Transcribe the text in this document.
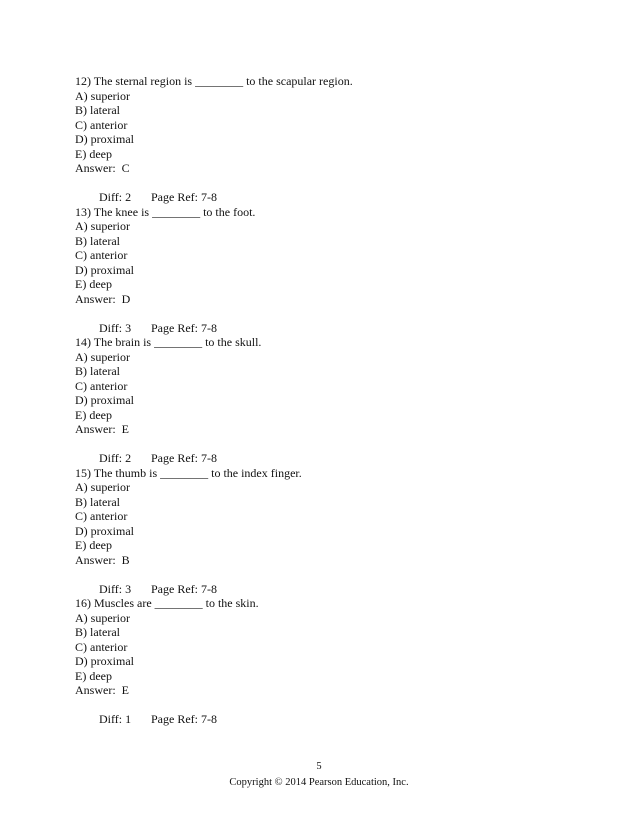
12) The sternal region is ________ to the scapular region.
A) superior
B) lateral
C) anterior
D) proximal
E) deep
Answer:  C

Diff: 2 Page Ref: 7-8

13) The knee is ________ to the foot.
A) superior
B) lateral
C) anterior
D) proximal
E) deep
Answer:  D

Diff: 3 Page Ref: 7-8

14) The brain is ________ to the skull.
A) superior
B) lateral
C) anterior
D) proximal
E) deep
Answer:  E

Diff: 2 Page Ref: 7-8

15) The thumb is ________ to the index finger.
A) superior
B) lateral
C) anterior
D) proximal
E) deep
Answer:  B

Diff: 3 Page Ref: 7-8

16) Muscles are ________ to the skin.
A) superior
B) lateral
C) anterior
D) proximal
E) deep
Answer:  E

Diff: 1 Page Ref: 7-8

5
Copyright © 2014 Pearson Education, Inc.
